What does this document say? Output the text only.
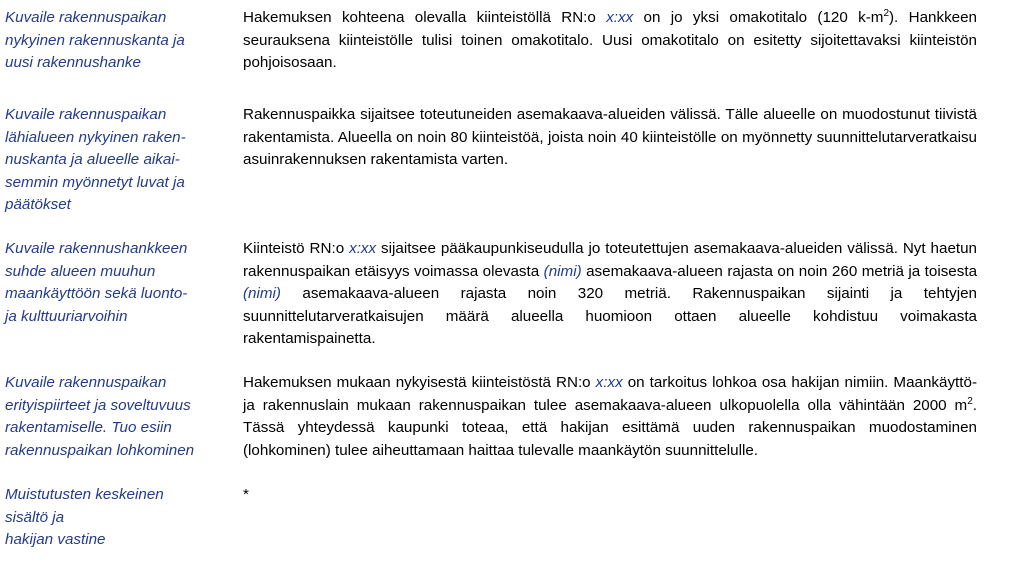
Kuvaile rakennuspaikan
nykyinen rakennuskanta ja
uusi rakennushanke
Hakemuksen kohteena olevalla kiinteistöllä RN:o x:xx on jo yksi omakotitalo (120 $k-m^2$). Hankkeen seurauksena kiinteistölle tulisi toinen omakotitalo. Uusi omakotitalo on esitetty sijoitettavaksi kiinteistön pohjoisosaan.
Kuvaile rakennuspaikan
lähialueen nykyinen raken-
nuskanta ja alueelle aikai-
semmin myönnetyt luvat ja
päätökset
Rakennuspaikka sijaitsee toteutuneiden asemakaava-alueiden välissä. Tälle alueelle on muodostunut tiivistä rakentamista. Alueella on noin 80 kiinteistöä, joista noin 40 kiinteistölle on myönnetty suunnittelutarveratkaisu asuinrakennuksen rakentamista varten.
Kuvaile rakennushankkeen
suhde alueen muuhun
maankäyttöön sekä luonto-
ja kulttuuriarvoihin
Kiinteistö RN:o x:xx sijaitsee pääkaupunkiseudulla jo toteutettujen asemakaava-alueiden välissä. Nyt haetun rakennuspaikan etäisyys voimassa olevasta (nimi) asemakaava-alueen rajasta on noin 260 metriä ja toisesta (nimi) asemakaava-alueen rajasta noin 320 metriä. Rakennuspaikan sijainti ja tehtyjen suunnittelutarveratkaisujen määrä alueella huomioon ottaen alueelle kohdistuu voimakasta rakentamispainetta.
Kuvaile rakennuspaikan
erityispiirteet ja soveltuvuus
rakentamiselle. Tuo esiin
rakennuspaikan lohkominen
Hakemuksen mukaan nykyisestä kiinteistöstä RN:o x:xx on tarkoitus lohkoa osa hakijan nimiin. Maankäyttö- ja rakennuslain mukaan rakennuspaikan tulee asemakaava-alueen ulkopuolella olla vähintään 2000 $m^2$. Tässä yhteydessä kaupunki toteaa, että hakijan esittämä uuden rakennuspaikan muodostaminen (lohkominen) tulee aiheuttamaan haittaa tulevalle maankäytön suunnittelulle.
Muistutusten keskeinen
sisältö ja
hakijan vastine
*
